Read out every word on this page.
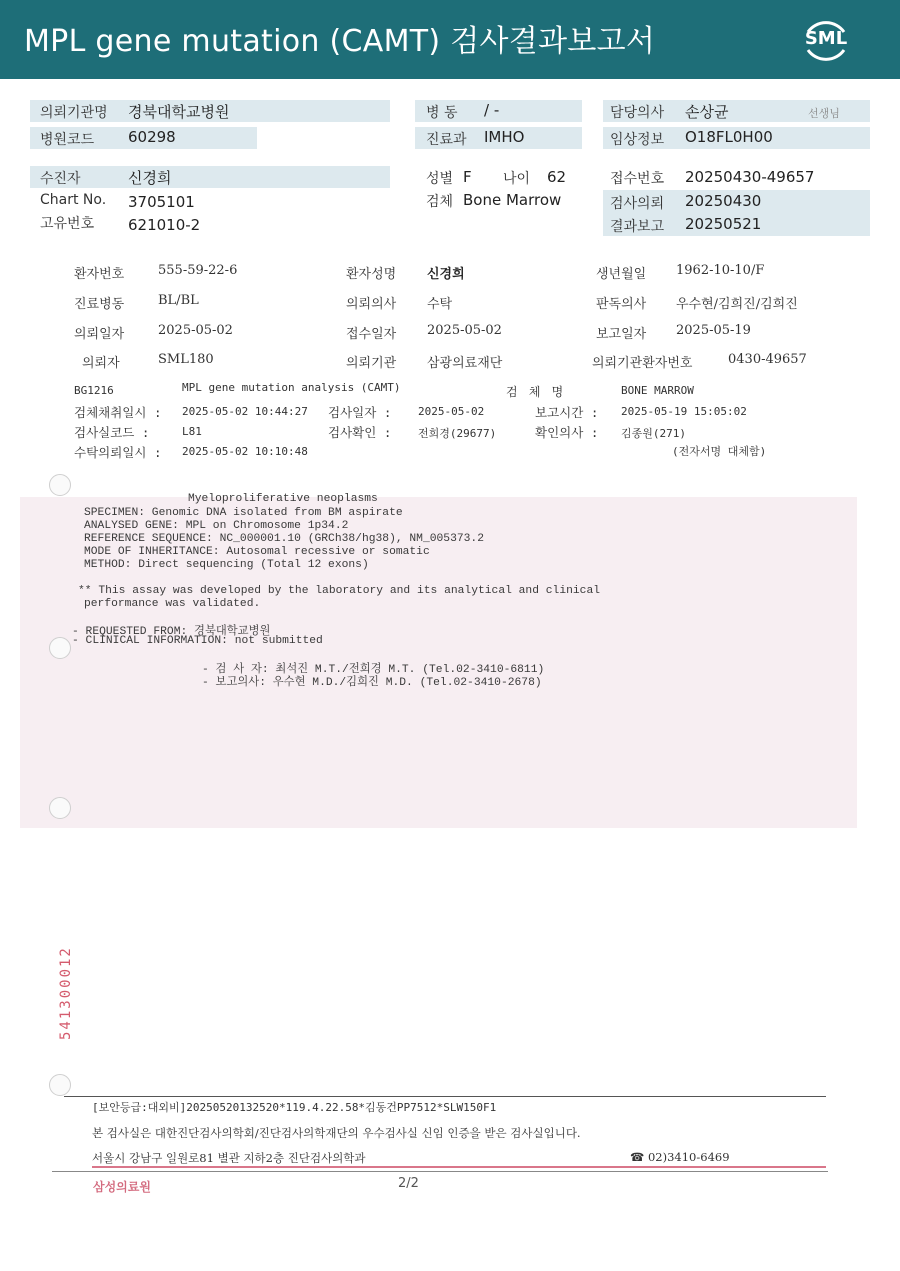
MPL gene mutation (CAMT) 검사결과보고서	SML
의뢰기관명 경북대학교병원
병원코드 60298
병 동 / -
진료과 IMHO
담당의사 손상균	선생님
임상정보 O18FL0H00
수진자	신경희
Chart No. 3705101
고유번호 621010-2
성별 F 나이 62
검체 Bone Marrow
접수번호 20250430-49657
검사의뢰 20250430
결과보고 20250521
환자번호	555-59-22-6	환자성명 신경희	생년월일 1962-10-10/F
진료병동	BL/BL	의뢰의사 수탁	판독의사 우수현/김희진/김희진
의뢰일자	2025-05-02	접수일자 2025-05-02	보고일자 2025-05-19
의뢰자	SML180	의뢰기관 삼광의료재단	의뢰기관환자번호	0430-49657
BG1216	MPL gene mutation analysis (CAMT)	검 체 명	BONE MARROW
검체채취일시 : 2025-05-02 10:44:27 검사일자 : 2025-05-02	보고시간 : 2025-05-19 15:05:02
검사실코드 :	L81	검사확인 : 전희경(29677)	확인의사 : 김종원(271)
수탁의뢰일시 : 2025-05-02 10:10:48	(전자서명 대체함)
Myeloproliferative neoplasms
SPECIMEN: Genomic DNA isolated from BM aspirate
ANALYSED GENE: MPL on Chromosome 1p34.2
REFERENCE SEQUENCE: NC_000001.10 (GRCh38/hg38), NM_005373.2
MODE OF INHERITANCE: Autosomal recessive or somatic
METHOD: Direct sequencing (Total 12 exons)
** This assay was developed by the laboratory and its analytical and clinical
performance was validated.
- REQUESTED FROM: 경북대학교병원
- CLINICAL INFORMATION: not submitted
- 검 사 자: 최석진 M.T./전희경 M.T. (Tel.02-3410-6811)
- 보고의사: 우수현 M.D./김희진 M.D. (Tel.02-3410-2678)
541300012
[보안등급:대외비]20250520132520*119.4.22.58*김동건PP7512*SLW150F1
본 검사실은 대한진단검사의학회/진단검사의학재단의 우수검사실 신임 인증을 받은 검사실입니다.
서울시 강남구 일원로81 별관 지하2층 진단검사의학과	☎ 02)3410-6469
삼성의료원	2/2
